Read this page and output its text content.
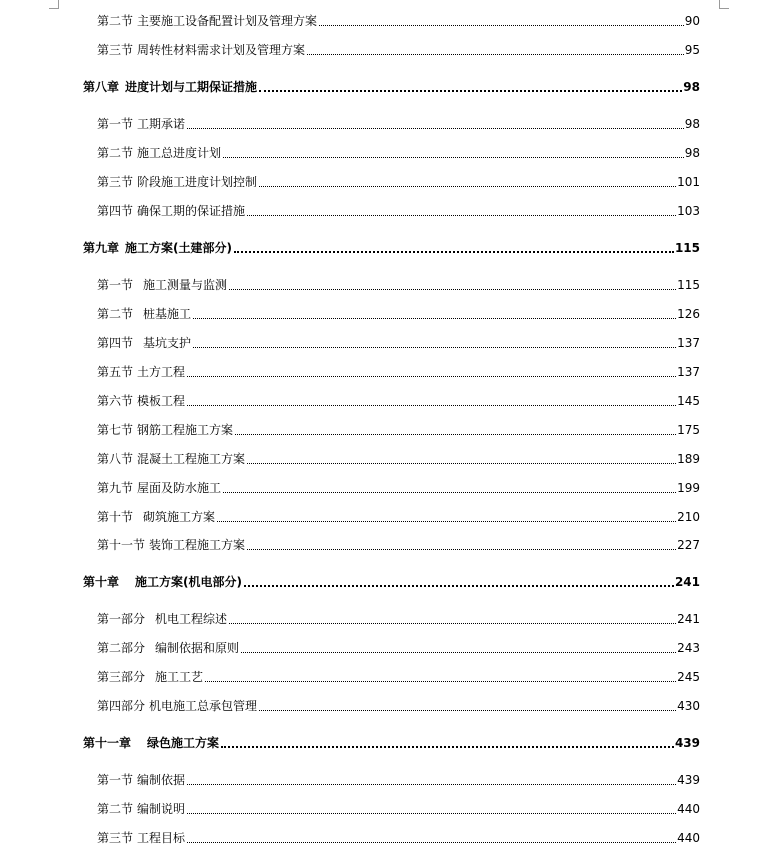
第二节 主要施工设备配置计划及管理方案	90
第三节 周转性材料需求计划及管理方案	95
第八章 进度计划与工期保证措施	98
第一节 工期承诺	98
第二节 施工总进度计划	98
第三节 阶段施工进度计划控制	101
第四节 确保工期的保证措施	103
第九章 施工方案(土建部分)	115
第一节 施工测量与监测	115
第二节 桩基施工	126
第四节 基坑支护	137
第五节 土方工程	137
第六节 模板工程	145
第七节 钢筋工程施工方案	175
第八节 混凝土工程施工方案	189
第九节 屋面及防水施工	199
第十节 砌筑施工方案	210
第十一节 装饰工程施工方案	227
第十章 施工方案(机电部分)	241
第一部分 机电工程综述	241
第二部分 编制依据和原则	243
第三部分 施工工艺	245
第四部分 机电施工总承包管理	430
第十一章 绿色施工方案	439
第一节 编制依据	439
第二节 编制说明	440
第三节 工程目标	440
